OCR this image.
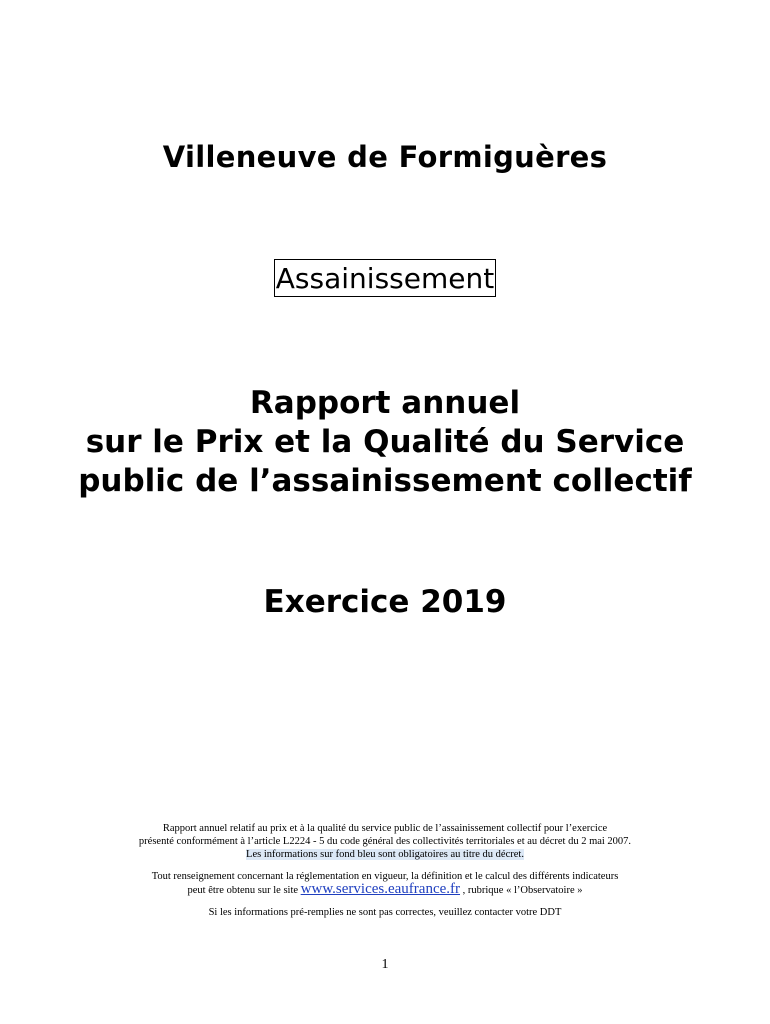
Villeneuve de Formiguères
Assainissement
Rapport annuel
sur le Prix et la Qualité du Service
public de l’assainissement collectif
Exercice 2019

Rapport annuel relatif au prix et à la qualité du service public de l’assainissement collectif pour l’exercice

présenté conformément à l’article L2224 - 5 du code général des collectivités territoriales et au décret du 2 mai 2007.

Les informations sur fond bleu sont obligatoires au titre du décret.

Tout renseignement concernant la réglementation en vigueur, la définition et le calcul des différents indicateurs

peut être obtenu sur le site www.services.eaufrance.fr , rubrique « l’Observatoire »

Si les informations pré-remplies ne sont pas correctes, veuillez contacter votre DDT

1
